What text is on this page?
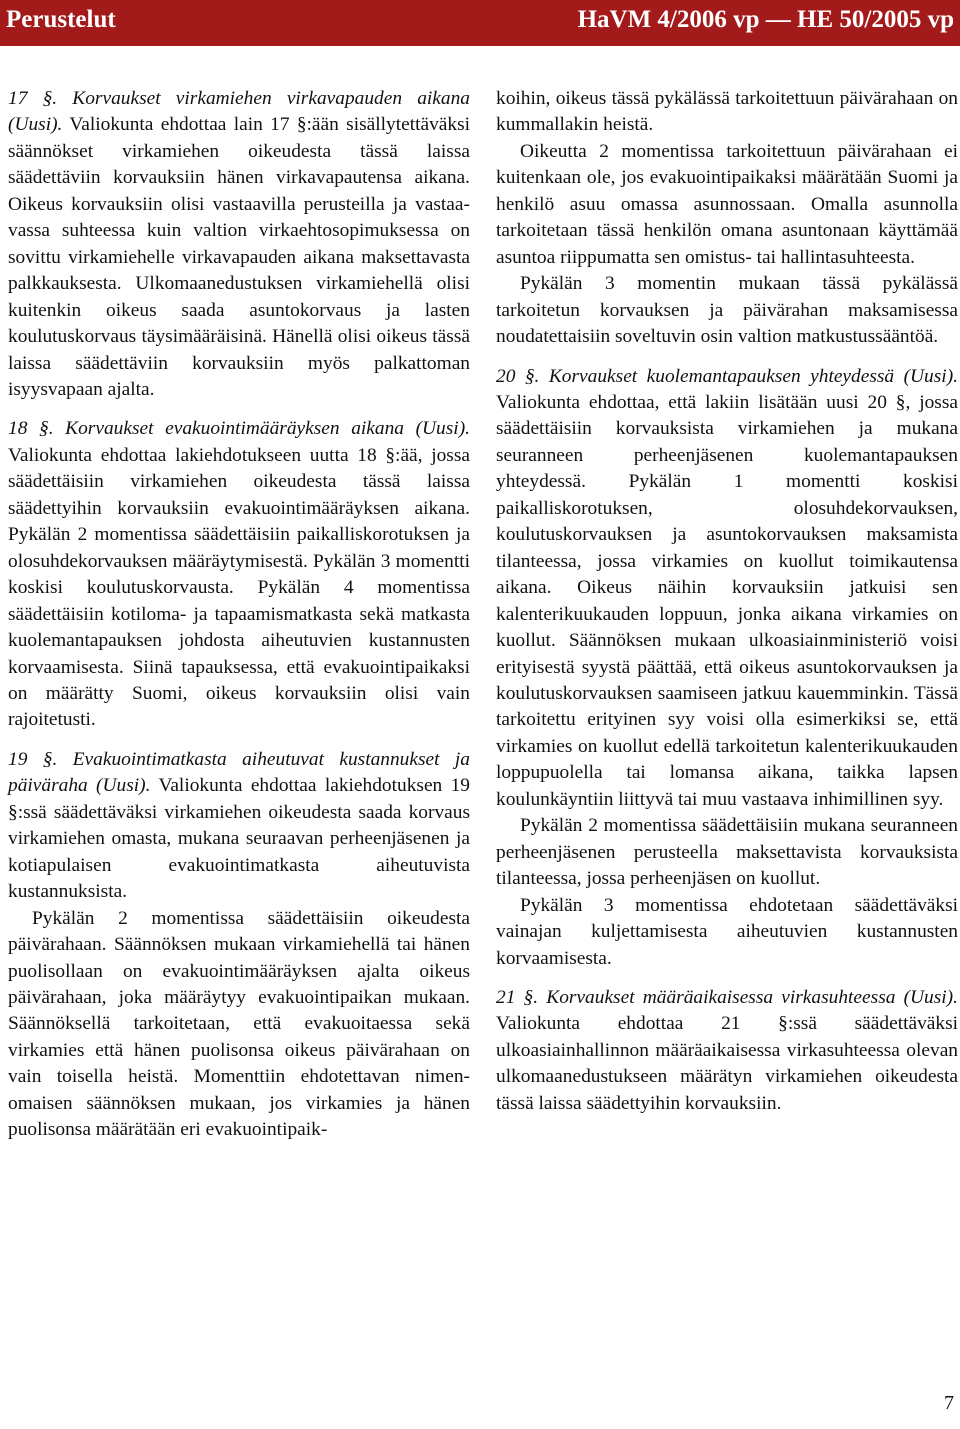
Perustelut	HaVM 4/2006 vp — HE 50/2005 vp

17 §. Korvaukset virkamiehen virkavapauden aikana (Uusi). Valiokunta ehdottaa lain 17 §:ään sisällytettäväksi säännökset virkamiehen oikeudesta tässä laissa säädettäviin korvauksiin hänen virkavapautensa aikana. Oikeus korvauksiin olisi vastaavilla perusteilla ja vastaavassa suhteessa kuin valtion virkaehtosopimuksessa on sovittu virkamiehelle virkavapauden aikana maksettavasta palkkauksesta. Ulkomaanedustuksen virkamiehellä olisi kuitenkin oikeus saada asuntokorvaus ja lasten koulutuskorvaus täysimääräisinä. Hänellä olisi oikeus tässä laissa säädettäviin korvauksiin myös palkattoman isyysvapaan ajalta.

18 §. Korvaukset evakuointimääräyksen aikana (Uusi). Valiokunta ehdottaa lakiehdotukseen uutta 18 §:ää, jossa säädettäisiin virkamiehen oikeudesta tässä laissa säädettyihin korvauksiin evakuointimääräyksen aikana. Pykälän 2 momentissa säädettäisiin paikalliskorotuksen ja olosuhdekorvauksen määräytymisestä. Pykälän 3 momentti koskisi koulutuskorvausta. Pykälän 4 momentissa säädettäisiin kotiloma- ja tapaamismatkasta sekä matkasta kuolemantapauksen johdosta aiheutuvien kustannusten korvaamisesta. Siinä tapauksessa, että evakuointipaikaksi on määrätty Suomi, oikeus korvauksiin olisi vain rajoitetusti.

19 §. Evakuointimatkasta aiheutuvat kustannukset ja päiväraha (Uusi). Valiokunta ehdottaa lakiehdotuksen 19 §:ssä säädettäväksi virkamiehen oikeudesta saada korvaus virkamiehen omasta, mukana seuraavan perheenjäsenen ja kotiapulaisen evakuointimatkasta aiheutuvista kustannuksista.

Pykälän 2 momentissa säädettäisiin oikeudesta päivärahaan. Säännöksen mukaan virkamiehellä tai hänen puolisollaan on evakuointimääräyksen ajalta oikeus päivärahaan, joka määräytyy evakuointipaikan mukaan. Säännöksellä tarkoitetaan, että evakuoitaessa sekä virkamies että hänen puolisonsa oikeus päivärahaan on vain toisella heistä. Momenttiin ehdotettavan nimenomaisen säännöksen mukaan, jos virkamies ja hänen puolisonsa määrätään eri evakuointipaik-

koihin, oikeus tässä pykälässä tarkoitettuun päivärahaan on kummallakin heistä.

Oikeutta 2 momentissa tarkoitettuun päivärahaan ei kuitenkaan ole, jos evakuointipaikaksi määrätään Suomi ja henkilö asuu omassa asunnossaan. Omalla asunnolla tarkoitetaan tässä henkilön omana asuntonaan käyttämää asuntoa riippumatta sen omistus- tai hallintasuhteesta.

Pykälän 3 momentin mukaan tässä pykälässä tarkoitetun korvauksen ja päivärahan maksamisessa noudatettaisiin soveltuvin osin valtion matkustussääntöä.

20 §. Korvaukset kuolemantapauksen yhteydessä (Uusi). Valiokunta ehdottaa, että lakiin lisätään uusi 20 §, jossa säädettäisiin korvauksista virkamiehen ja mukana seuranneen perheenjäsenen kuolemantapauksen yhteydessä. Pykälän 1 momentti koskisi paikalliskorotuksen, olosuhdekorvauksen, koulutuskorvauksen ja asuntokorvauksen maksamista tilanteessa, jossa virkamies on kuollut toimikautensa aikana. Oikeus näihin korvauksiin jatkuisi sen kalenterikuukauden loppuun, jonka aikana virkamies on kuollut. Säännöksen mukaan ulkoasiainministeriö voisi erityisestä syystä päättää, että oikeus asuntokorvauksen ja koulutuskorvauksen saamiseen jatkuu kauemminkin. Tässä tarkoitettu erityinen syy voisi olla esimerkiksi se, että virkamies on kuollut edellä tarkoitetun kalenterikuukauden loppupuolella tai lomansa aikana, taikka lapsen koulunkäyntiin liittyvä tai muu vastaava inhimillinen syy.

Pykälän 2 momentissa säädettäisiin mukana seuranneen perheenjäsenen perusteella maksettavista korvauksista tilanteessa, jossa perheenjäsen on kuollut.

Pykälän 3 momentissa ehdotetaan säädettäväksi vainajan kuljettamisesta aiheutuvien kustannusten korvaamisesta.

21 §. Korvaukset määräaikaisessa virkasuhteessa (Uusi). Valiokunta ehdottaa 21 §:ssä säädettäväksi ulkoasiainhallinnon määräaikaisessa virkasuhteessa olevan ulkomaanedustukseen määrätyn virkamiehen oikeudesta tässä laissa säädettyihin korvauksiin.

7
